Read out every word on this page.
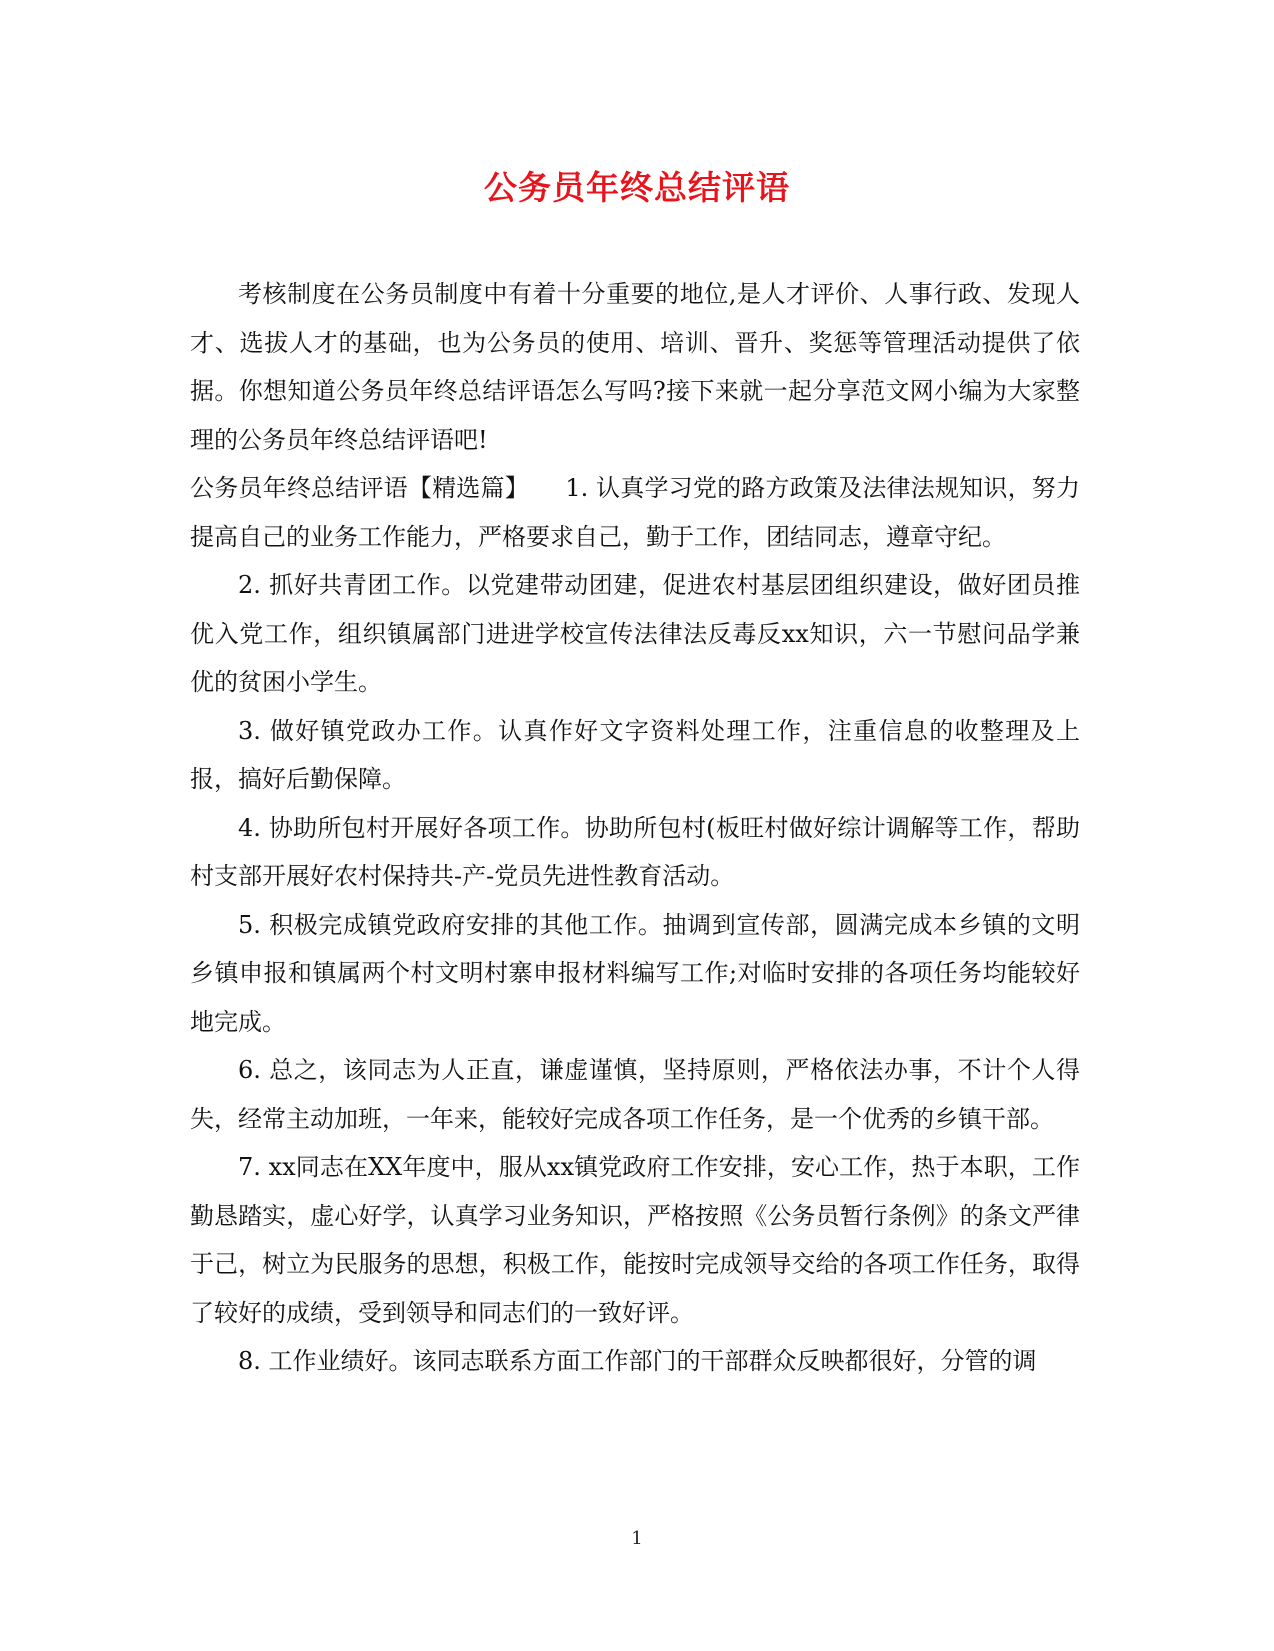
公务员年终总结评语

考核制度在公务员制度中有着十分重要的地位,是人才评价、人事行政、发现人才、选拔人才的基础，也为公务员的使用、培训、晋升、奖惩等管理活动提供了依据。你想知道公务员年终总结评语怎么写吗?接下来就一起分享范文网小编为大家整理的公务员年终总结评语吧!

公务员年终总结评语【精选篇】　　1. 认真学习党的路方政策及法律法规知识，努力提高自己的业务工作能力，严格要求自己，勤于工作，团结同志，遵章守纪。

2. 抓好共青团工作。以党建带动团建，促进农村基层团组织建设，做好团员推优入党工作，组织镇属部门进进学校宣传法律法反毒反xx知识，六一节慰问品学兼优的贫困小学生。

3. 做好镇党政办工作。认真作好文字资料处理工作，注重信息的收整理及上报，搞好后勤保障。

4. 协助所包村开展好各项工作。协助所包村(板旺村做好综计调解等工作，帮助村支部开展好农村保持共-产-党员先进性教育活动。

5. 积极完成镇党政府安排的其他工作。抽调到宣传部，圆满完成本乡镇的文明乡镇申报和镇属两个村文明村寨申报材料编写工作;对临时安排的各项任务均能较好地完成。

6. 总之，该同志为人正直，谦虚谨慎，坚持原则，严格依法办事，不计个人得失，经常主动加班，一年来，能较好完成各项工作任务，是一个优秀的乡镇干部。

7. xx同志在XX年度中，服从xx镇党政府工作安排，安心工作，热于本职，工作勤恳踏实，虚心好学，认真学习业务知识，严格按照《公务员暂行条例》的条文严律于己，树立为民服务的思想，积极工作，能按时完成领导交给的各项工作任务，取得了较好的成绩，受到领导和同志们的一致好评。

8. 工作业绩好。该同志联系方面工作部门的干部群众反映都很好，分管的调

1
